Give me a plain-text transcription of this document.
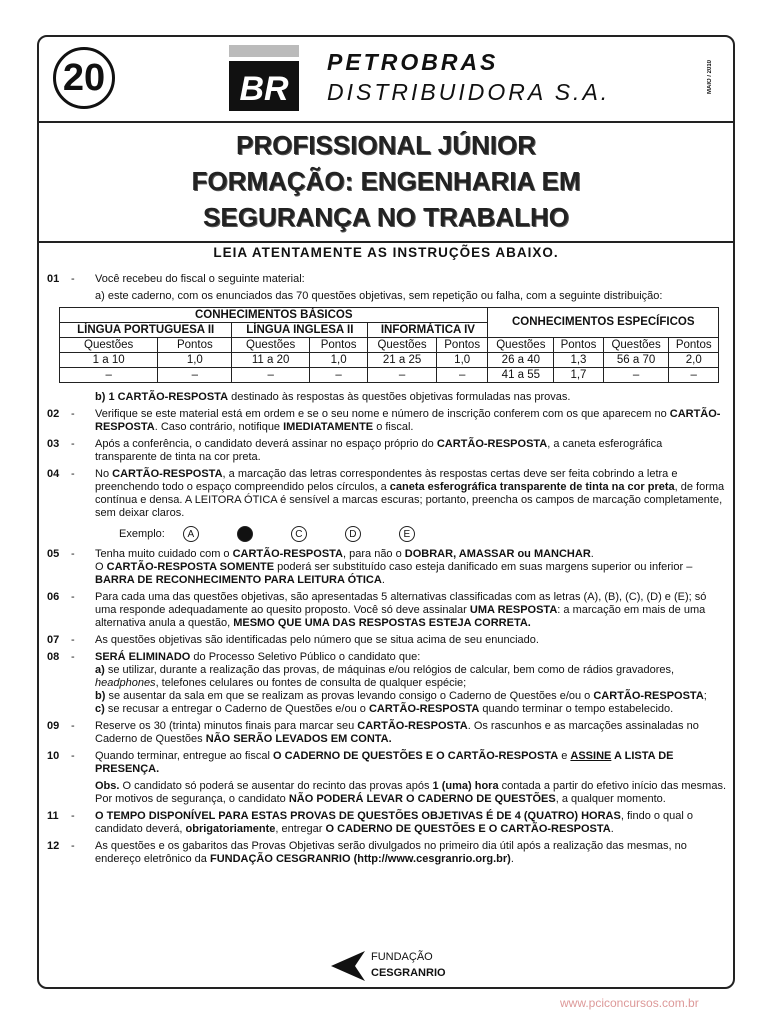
20	BR
PETROBRAS
DISTRIBUIDORA S.A.	MAIO / 2010
PROFISSIONAL JÚNIOR
FORMAÇÃO: ENGENHARIA EM
SEGURANÇA NO TRABALHO
LEIA ATENTAMENTE AS INSTRUÇÕES ABAIXO.
01 - Você recebeu do fiscal o seguinte material:
a) este caderno, com os enunciados das 70 questões objetivas, sem repetição ou falha, com a seguinte distribuição:
CONHECIMENTOS BÁSICOS						CONHECIMENTOS ESPECÍFICOS			
LÍNGUA PORTUGUESA II		LÍNGUA INGLESA II		INFORMÁTICA IV					
Questões	Pontos	Questões	Pontos	Questões	Pontos	Questões	Pontos	Questões	Pontos
1 a 10	1,0	11 a 20	1,0	21 a 25	1,0	26 a 40	1,3	56 a 70	2,0
–	–	–	–	–	–	41 a 55	1,7	–	–
b) 1 CARTÃO-RESPOSTA destinado às respostas às questões objetivas formuladas nas provas.
02 - Verifique se este material está em ordem e se o seu nome e número de inscrição conferem com os que aparecem no CARTÃO-RESPOSTA. Caso contrário, notifique IMEDIATAMENTE o fiscal.
03 - Após a conferência, o candidato deverá assinar no espaço próprio do CARTÃO-RESPOSTA, a caneta esferográfica transparente de tinta na cor preta.
04 - No CARTÃO-RESPOSTA, a marcação das letras correspondentes às respostas certas deve ser feita cobrindo a letra e preenchendo todo o espaço compreendido pelos círculos, a caneta esferográfica transparente de tinta na cor preta, de forma contínua e densa. A LEITORA ÓTICA é sensível a marcas escuras; portanto, preencha os campos de marcação completamente, sem deixar claros.
Exemplo:	A	C	D	E
05 - Tenha muito cuidado com o CARTÃO-RESPOSTA, para não o DOBRAR, AMASSAR ou MANCHAR.
O CARTÃO-RESPOSTA SOMENTE poderá ser substituído caso esteja danificado em suas margens superior ou inferior – BARRA DE RECONHECIMENTO PARA LEITURA ÓTICA.
06 - Para cada uma das questões objetivas, são apresentadas 5 alternativas classificadas com as letras (A), (B), (C), (D) e (E); só uma responde adequadamente ao quesito proposto. Você só deve assinalar UMA RESPOSTA: a marcação em mais de uma alternativa anula a questão, MESMO QUE UMA DAS RESPOSTAS ESTEJA CORRETA.
07 - As questões objetivas são identificadas pelo número que se situa acima de seu enunciado.
08 - SERÁ ELIMINADO do Processo Seletivo Público o candidato que:
a) se utilizar, durante a realização das provas, de máquinas e/ou relógios de calcular, bem como de rádios gravadores, headphones, telefones celulares ou fontes de consulta de qualquer espécie;
b) se ausentar da sala em que se realizam as provas levando consigo o Caderno de Questões e/ou o CARTÃO-RESPOSTA;
c) se recusar a entregar o Caderno de Questões e/ou o CARTÃO-RESPOSTA quando terminar o tempo estabelecido.
09 - Reserve os 30 (trinta) minutos finais para marcar seu CARTÃO-RESPOSTA. Os rascunhos e as marcações assinaladas no Caderno de Questões NÃO SERÃO LEVADOS EM CONTA.
10 - Quando terminar, entregue ao fiscal O CADERNO DE QUESTÕES E O CARTÃO-RESPOSTA e ASSINE A LISTA DE PRESENÇA.
Obs. O candidato só poderá se ausentar do recinto das provas após 1 (uma) hora contada a partir do efetivo início das mesmas. Por motivos de segurança, o candidato NÃO PODERÁ LEVAR O CADERNO DE QUESTÕES, a qualquer momento.
11 - O TEMPO DISPONÍVEL PARA ESTAS PROVAS DE QUESTÕES OBJETIVAS É DE 4 (QUATRO) HORAS, findo o qual o candidato deverá, obrigatoriamente, entregar O CADERNO DE QUESTÕES E O CARTÃO-RESPOSTA.
12 - As questões e os gabaritos das Provas Objetivas serão divulgados no primeiro dia útil após a realização das mesmas, no endereço eletrônico da FUNDAÇÃO CESGRANRIO (http://www.cesgranrio.org.br).
FUNDAÇÃO
CESGRANRIO
www.pciconcursos.com.br
